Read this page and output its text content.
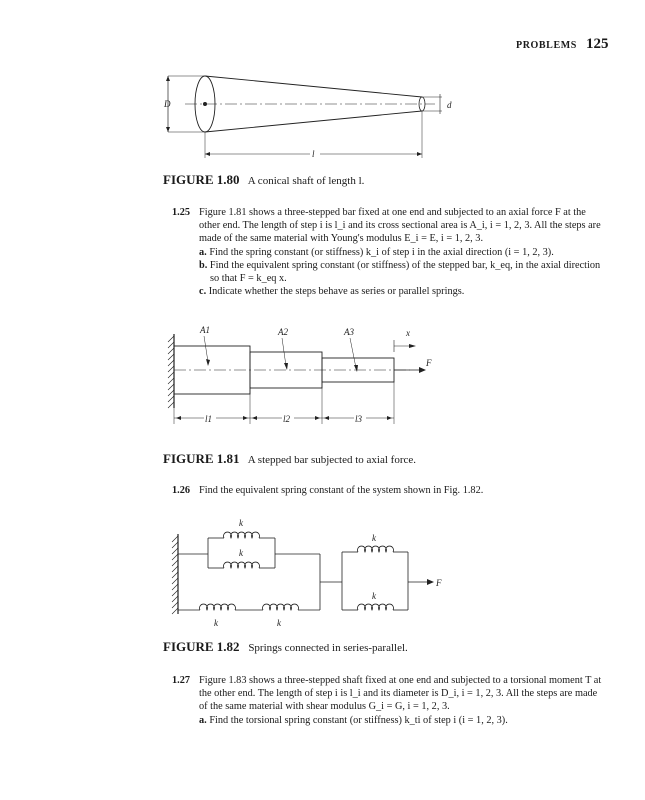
PROBLEMS 125
D	d
l
FIGURE 1.80 A conical shaft of length l.
1.25 Figure 1.81 shows a three-stepped bar fixed at one end and subjected to an axial force F at the other end. The length of step i is l_i and its cross sectional area is A_i, i = 1, 2, 3. All the steps are made of the same material with Young's modulus E_i = E, i = 1, 2, 3.
a. Find the spring constant (or stiffness) k_i of step i in the axial direction (i = 1, 2, 3).
b. Find the equivalent spring constant (or stiffness) of the stepped bar, k_eq, in the axial direction so that F = k_eq x.
c. Indicate whether the steps behave as series or parallel springs.
F
x
A1	A2	A3
l1	l2	l3
FIGURE 1.81 A stepped bar subjected to axial force.
1.26 Find the equivalent spring constant of the system shown in Fig. 1.82.
F
k
k
k	k
k
k
FIGURE 1.82 Springs connected in series-parallel.
1.27 Figure 1.83 shows a three-stepped shaft fixed at one end and subjected to a torsional moment T at the other end. The length of step i is l_i and its diameter is D_i, i = 1, 2, 3. All the steps are made of the same material with shear modulus G_i = G, i = 1, 2, 3.
a. Find the torsional spring constant (or stiffness) k_ti of step i (i = 1, 2, 3).
